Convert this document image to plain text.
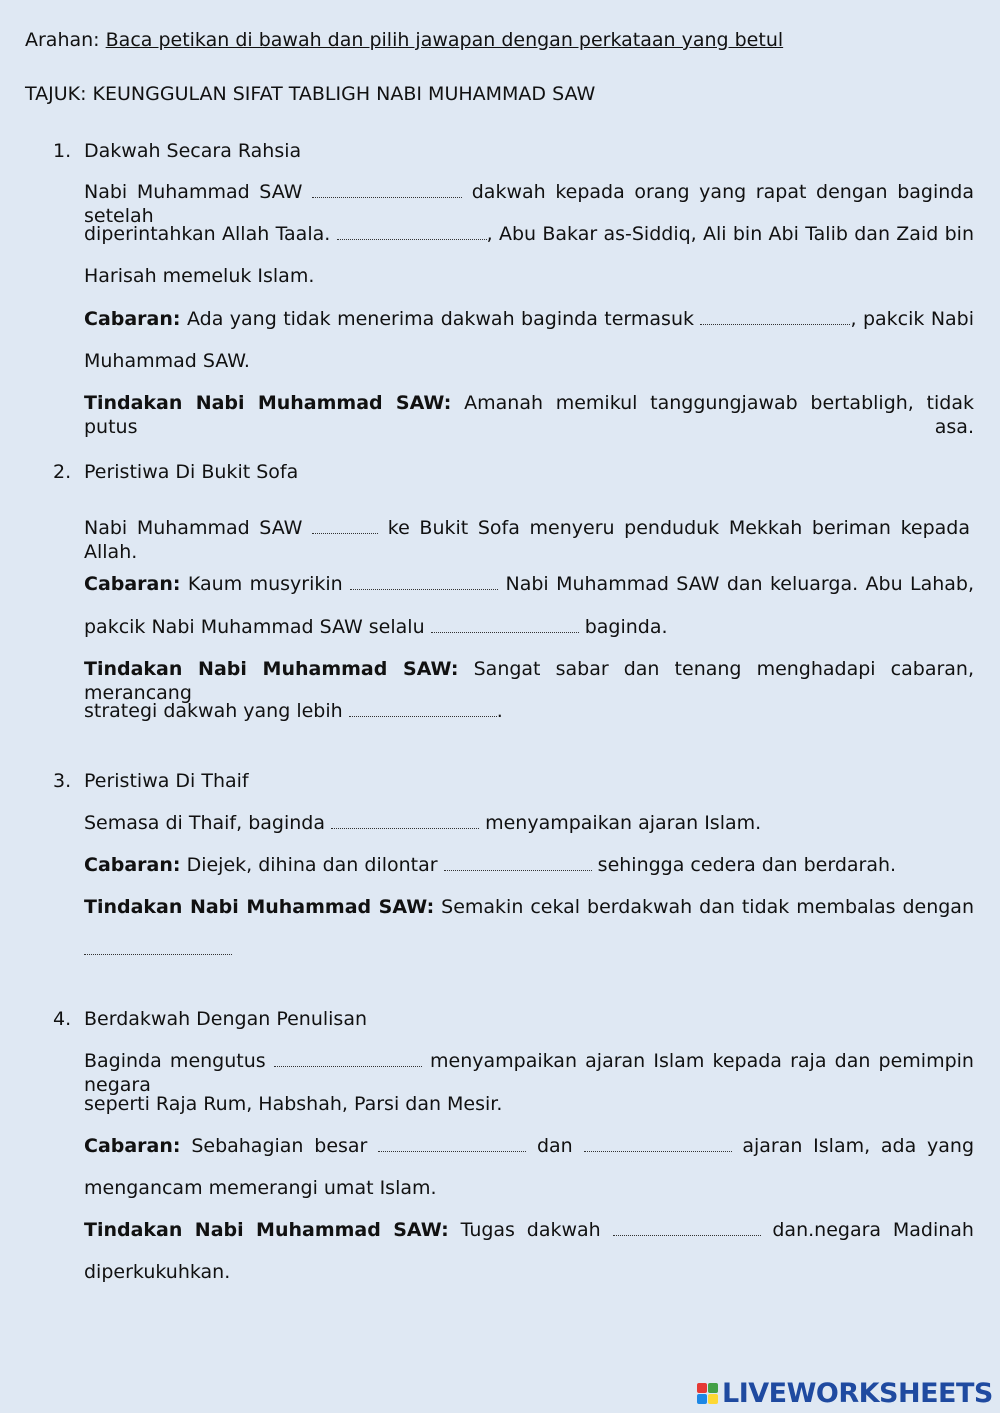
Arahan: Baca petikan di bawah dan pilih jawapan dengan perkataan yang betul
TAJUK: KEUNGGULAN SIFAT TABLIGH NABI MUHAMMAD SAW
1. Dakwah Secara Rahsia
Nabi Muhammad SAW	dakwah kepada orang yang rapat dengan baginda setelah
diperintahkan Allah Taala.	, Abu Bakar as-Siddiq, Ali bin Abi Talib dan Zaid bin
Harisah memeluk Islam.
Cabaran: Ada yang tidak menerima dakwah baginda termasuk	, pakcik Nabi
Muhammad SAW.
Tindakan Nabi Muhammad SAW: Amanah memikul tanggungjawab bertabligh, tidak putus asa.
2. Peristiwa Di Bukit Sofa
Nabi Muhammad SAW	ke Bukit Sofa menyeru penduduk Mekkah beriman kepada Allah.
Cabaran: Kaum musyrikin	Nabi Muhammad SAW dan keluarga. Abu Lahab,
pakcik Nabi Muhammad SAW selalu	baginda.
Tindakan Nabi Muhammad SAW: Sangat sabar dan tenang menghadapi cabaran, merancang
strategi dakwah yang lebih	.
3. Peristiwa Di Thaif
Semasa di Thaif, baginda	menyampaikan ajaran Islam.
Cabaran: Diejek, dihina dan dilontar	sehingga cedera dan berdarah.
Tindakan Nabi Muhammad SAW: Semakin cekal berdakwah dan tidak membalas dengan
4. Berdakwah Dengan Penulisan
Baginda mengutus	menyampaikan ajaran Islam kepada raja dan pemimpin negara
seperti Raja Rum, Habshah, Parsi dan Mesir.
Cabaran: Sebahagian besar	dan	ajaran Islam, ada yang
mengancam memerangi umat Islam.
Tindakan Nabi Muhammad SAW: Tugas dakwah	dan.negara Madinah
diperkukuhkan.
LIVEWORKSHEETS
